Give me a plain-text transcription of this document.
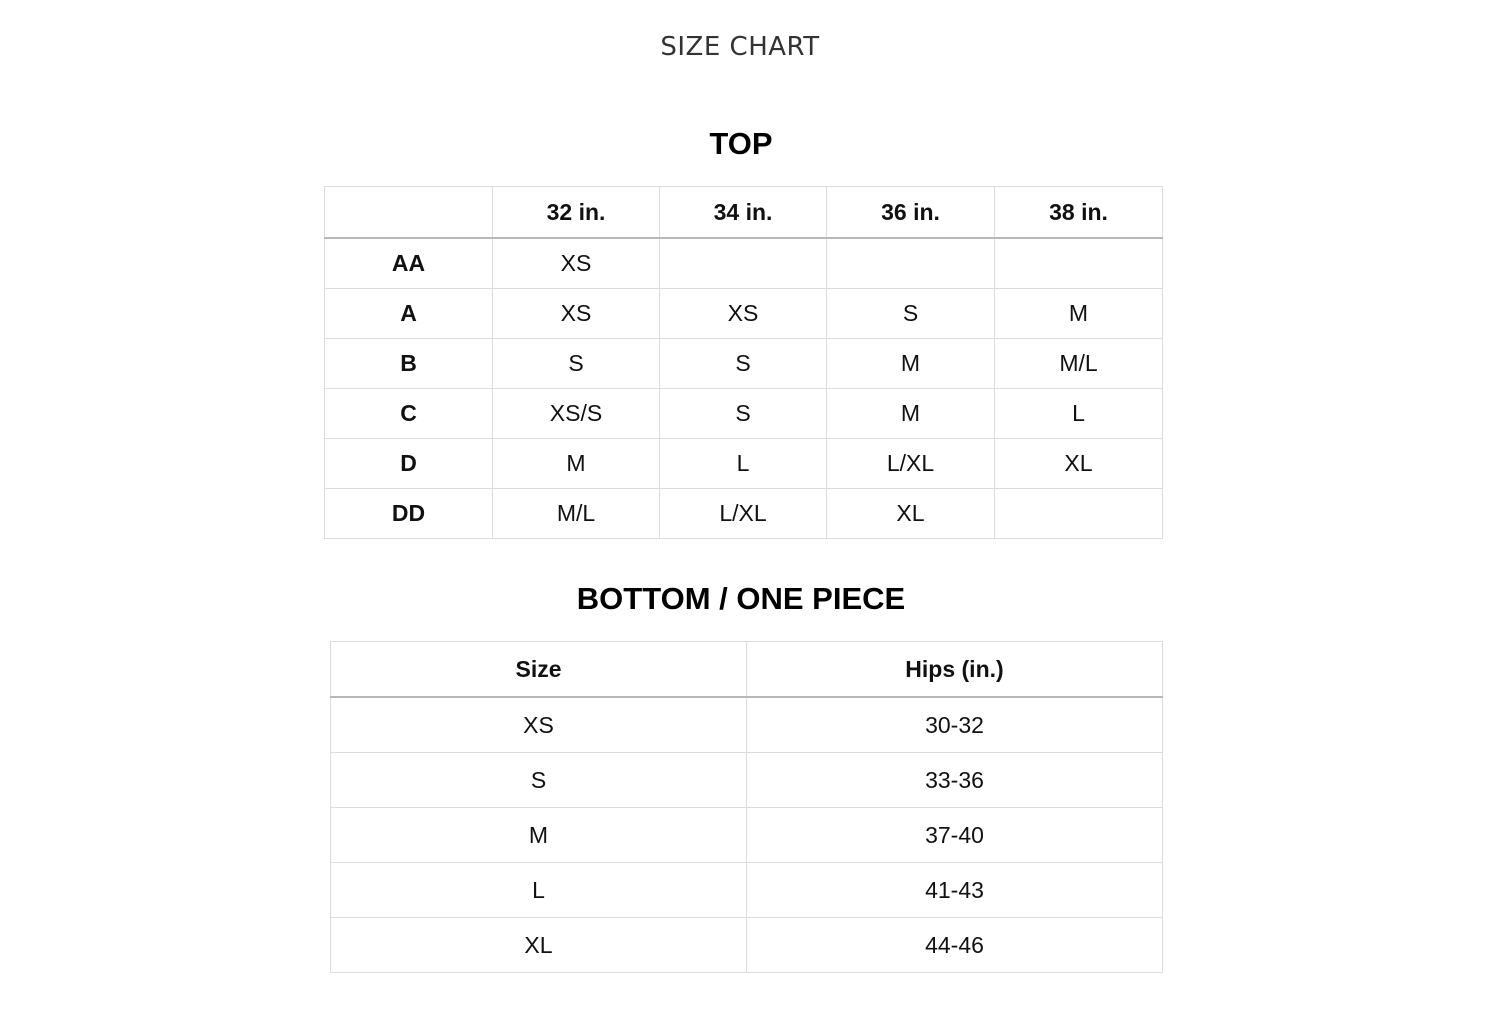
SIZE CHART
TOP
	32 in.	34 in.	36 in.	38 in.
AA	XS			
A	XS	XS	S	M
B	S	S	M	M/L
C	XS/S	S	M	L
D	M	L	L/XL	XL
DD	M/L	L/XL	XL	
BOTTOM / ONE PIECE
Size	Hips (in.)
XS	30-32
S	33-36
M	37-40
L	41-43
XL	44-46
